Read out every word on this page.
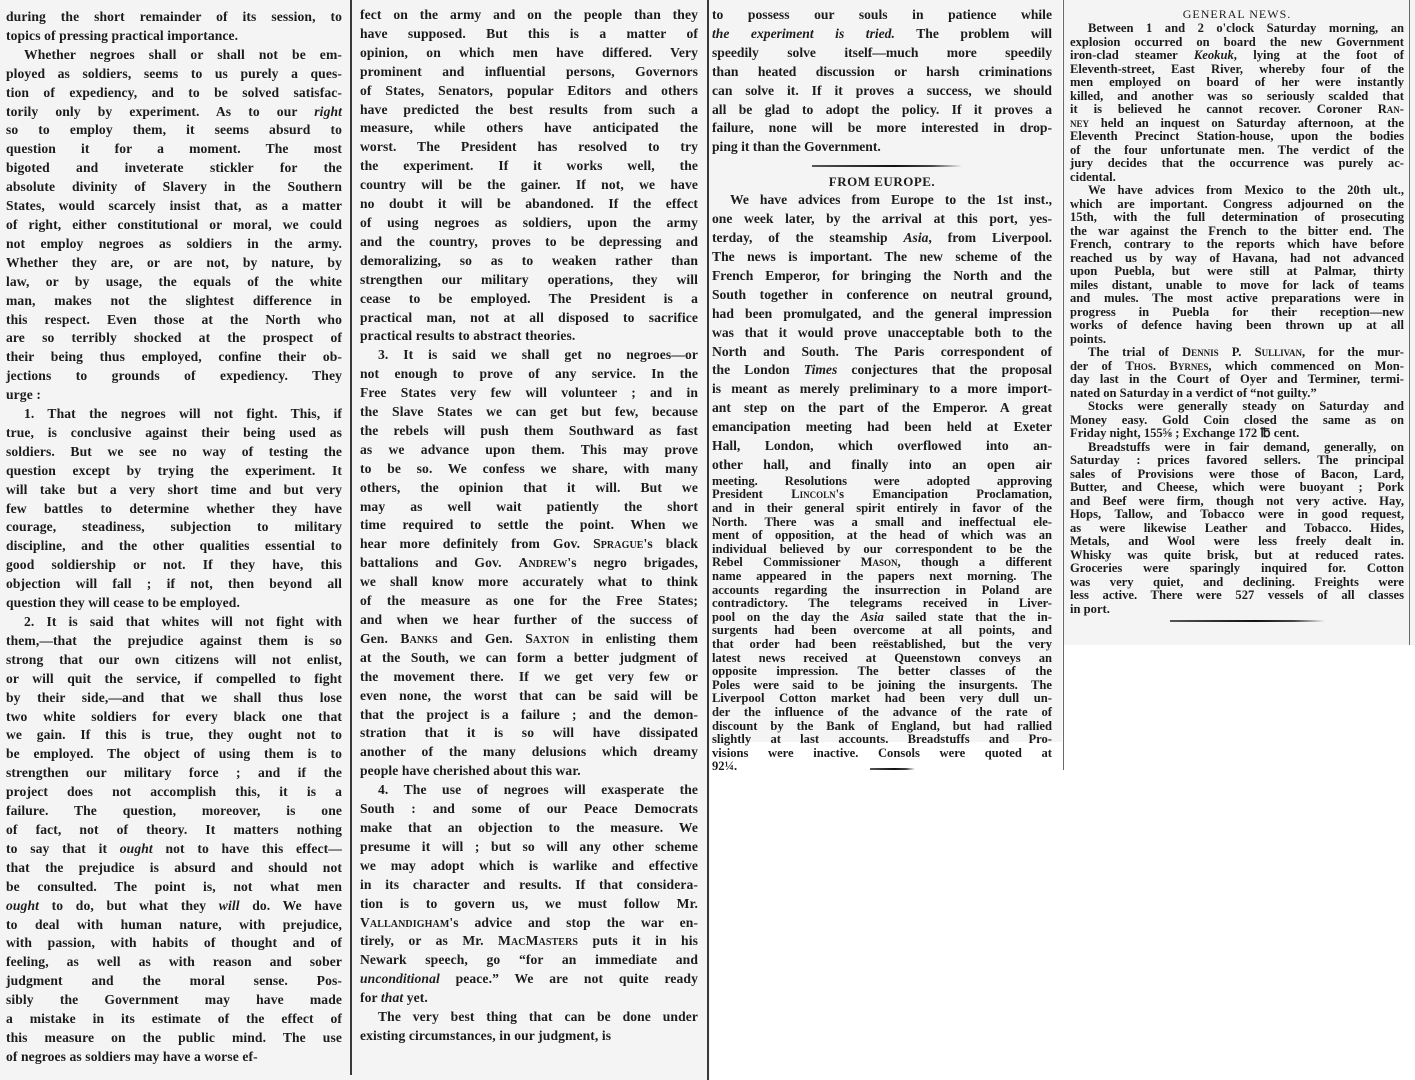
during the short remainder of its session, to
topics of pressing practical importance.
Whether negroes shall or shall not be em-
ployed as soldiers, seems to us purely a ques-
tion of expediency, and to be solved satisfac-
torily only by experiment. As to our right
so to employ them, it seems absurd to
question it for a moment. The most
bigoted and inveterate stickler for the
absolute divinity of Slavery in the Southern
States, would scarcely insist that, as a matter
of right, either constitutional or moral, we could
not employ negroes as soldiers in the army.
Whether they are, or are not, by nature, by
law, or by usage, the equals of the white
man, makes not the slightest difference in
this respect. Even those at the North who
are so terribly shocked at the prospect of
their being thus employed, confine their ob-
jections to grounds of expediency. They
urge :
1. That the negroes will not fight. This, if
true, is conclusive against their being used as
soldiers. But we see no way of testing the
question except by trying the experiment. It
will take but a very short time and but very
few battles to determine whether they have
courage, steadiness, subjection to military
discipline, and the other qualities essential to
good soldiership or not. If they have, this
objection will fall ; if not, then beyond all
question they will cease to be employed.
2. It is said that whites will not fight with
them,—that the prejudice against them is so
strong that our own citizens will not enlist,
or will quit the service, if compelled to fight
by their side,—and that we shall thus lose
two white soldiers for every black one that
we gain. If this is true, they ought not to
be employed. The object of using them is to
strengthen our military force ; and if the
project does not accomplish this, it is a
failure. The question, moreover, is one
of fact, not of theory. It matters nothing
to say that it ought not to have this effect—
that the prejudice is absurd and should not
be consulted. The point is, not what men
ought to do, but what they will do. We have
to deal with human nature, with prejudice,
with passion, with habits of thought and of
feeling, as well as with reason and sober
judgment and the moral sense. Pos-
sibly the Government may have made
a mistake in its estimate of the effect of
this measure on the public mind. The use
of negroes as soldiers may have a worse ef-
fect on the army and on the people than they
have supposed. But this is a matter of
opinion, on which men have differed. Very
prominent and influential persons, Governors
of States, Senators, popular Editors and others
have predicted the best results from such a
measure, while others have anticipated the
worst. The President has resolved to try
the experiment. If it works well, the
country will be the gainer. If not, we have
no doubt it will be abandoned. If the effect
of using negroes as soldiers, upon the army
and the country, proves to be depressing and
demoralizing, so as to weaken rather than
strengthen our military operations, they will
cease to be employed. The President is a
practical man, not at all disposed to sacrifice
practical results to abstract theories.
3. It is said we shall get no negroes—or
not enough to prove of any service. In the
Free States very few will volunteer ; and in
the Slave States we can get but few, because
the rebels will push them Southward as fast
as we advance upon them. This may prove
to be so. We confess we share, with many
others, the opinion that it will. But we
may as well wait patiently the short
time required to settle the point. When we
hear more definitely from Gov. Sprague's black
battalions and Gov. Andrew's negro brigades,
we shall know more accurately what to think
of the measure as one for the Free States;
and when we hear further of the success of
Gen. Banks and Gen. Saxton in enlisting them
at the South, we can form a better judgment of
the movement there. If we get very few or
even none, the worst that can be said will be
that the project is a failure ; and the demon-
stration that it is so will have dissipated
another of the many delusions which dreamy
people have cherished about this war.
4. The use of negroes will exasperate the
South : and some of our Peace Democrats
make that an objection to the measure. We
presume it will ; but so will any other scheme
we may adopt which is warlike and effective
in its character and results. If that considera-
tion is to govern us, we must follow Mr.
Vallandigham's advice and stop the war en-
tirely, or as Mr. MacMasters puts it in his
Newark speech, go “for an immediate and
unconditional peace.” We are not quite ready
for that yet.
The very best thing that can be done under
existing circumstances, in our judgment, is
to possess our souls in patience while
the experiment is tried. The problem will
speedily solve itself—much more speedily
than heated discussion or harsh criminations
can solve it. If it proves a success, we should
all be glad to adopt the policy. If it proves a
failure, none will be more interested in drop-
ping it than the Government.
FROM EUROPE.
We have advices from Europe to the 1st inst.,
one week later, by the arrival at this port, yes-
terday, of the steamship Asia, from Liverpool.
The news is important. The new scheme of the
French Emperor, for bringing the North and the
South together in conference on neutral ground,
had been promulgated, and the general impression
was that it would prove unacceptable both to the
North and South. The Paris correspondent of
the London Times conjectures that the proposal
is meant as merely preliminary to a more import-
ant step on the part of the Emperor. A great
emancipation meeting had been held at Exeter
Hall, London, which overflowed into an-
other hall, and finally into an open air
meeting. Resolutions were adopted approving
President Lincoln's Emancipation Proclamation,
and in their general spirit entirely in favor of the
North. There was a small and ineffectual ele-
ment of opposition, at the head of which was an
individual believed by our correspondent to be the
Rebel Commissioner Mason, though a different
name appeared in the papers next morning. The
accounts regarding the insurrection in Poland are
contradictory. The telegrams received in Liver-
pool on the day the Asia sailed state that the in-
surgents had been overcome at all points, and
that order had been reëstablished, but the very
latest news received at Queenstown conveys an
opposite impression. The better classes of the
Poles were said to be joining the insurgents. The
Liverpool Cotton market had been very dull un-
der the influence of the advance of the rate of
discount by the Bank of England, but had rallied
slightly at last accounts. Breadstuffs and Pro-
visions were inactive. Consols were quoted at
92¼.
GENERAL NEWS.
Between 1 and 2 o'clock Saturday morning, an
explosion occurred on board the new Government
iron-clad steamer Keokuk, lying at the foot of
Eleventh-street, East River, whereby four of the
men employed on board of her were instantly
killed, and another was so seriously scalded that
it is believed he cannot recover. Coroner Ran-
ney held an inquest on Saturday afternoon, at the
Eleventh Precinct Station-house, upon the bodies
of the four unfortunate men. The verdict of the
jury decides that the occurrence was purely ac-
cidental.
We have advices from Mexico to the 20th ult.,
which are important. Congress adjourned on the
15th, with the full determination of prosecuting
the war against the French to the bitter end. The
French, contrary to the reports which have before
reached us by way of Havana, had not advanced
upon Puebla, but were still at Palmar, thirty
miles distant, unable to move for lack of teams
and mules. The most active preparations were in
progress in Puebla for their reception—new
works of defence having been thrown up at all
points.
The trial of Dennis P. Sullivan, for the mur-
der of Thos. Byrnes, which commenced on Mon-
day last in the Court of Oyer and Terminer, termi-
nated on Saturday in a verdict of “not guilty.”
Stocks were generally steady on Saturday and
Money easy. Gold Coin closed the same as on
Friday night, 155⅝ ; Exchange 172 ℔ cent.
Breadstuffs were in fair demand, generally, on
Saturday : prices favored sellers. The principal
sales of Provisions were those of Bacon, Lard,
Butter, and Cheese, which were buoyant ; Pork
and Beef were firm, though not very active. Hay,
Hops, Tallow, and Tobacco were in good request,
as were likewise Leather and Tobacco. Hides,
Metals, and Wool were less freely dealt in.
Whisky was quite brisk, but at reduced rates.
Groceries were sparingly inquired for. Cotton
was very quiet, and declining. Freights were
less active. There were 527 vessels of all classes
in port.
